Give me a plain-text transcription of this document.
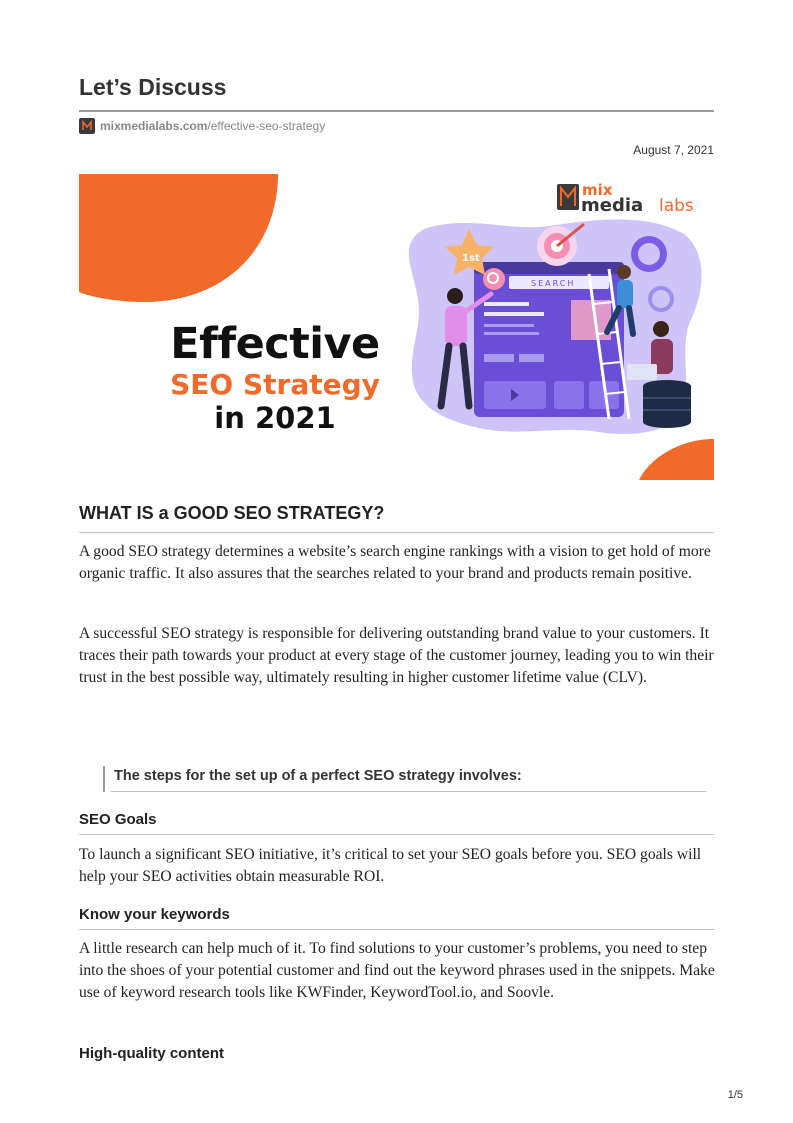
Let’s Discuss
mixmedialabs.com /effective-seo-strategy
August 7, 2021
SEARCH
1st
mix
media labs
Effective
SEO Strategy
in 2021
WHAT IS a GOOD SEO STRATEGY?

A good SEO strategy determines a website’s search engine rankings with a vision to get hold of more organic traffic. It also assures that the searches related to your brand and products remain positive.

A successful SEO strategy is responsible for delivering outstanding brand value to your customers. It traces their path towards your product at every stage of the customer journey, leading you to win their trust in the best possible way, ultimately resulting in higher customer lifetime value (CLV).

The steps for the set up of a perfect SEO strategy involves:
SEO Goals

To launch a significant SEO initiative, it’s critical to set your SEO goals before you. SEO goals will help your SEO activities obtain measurable ROI.

Know your keywords

A little research can help much of it. To find solutions to your customer’s problems, you need to step into the shoes of your potential customer and find out the keyword phrases used in the snippets. Make use of keyword research tools like KWFinder, KeywordTool.io, and Soovle.

High-quality content
1/5
